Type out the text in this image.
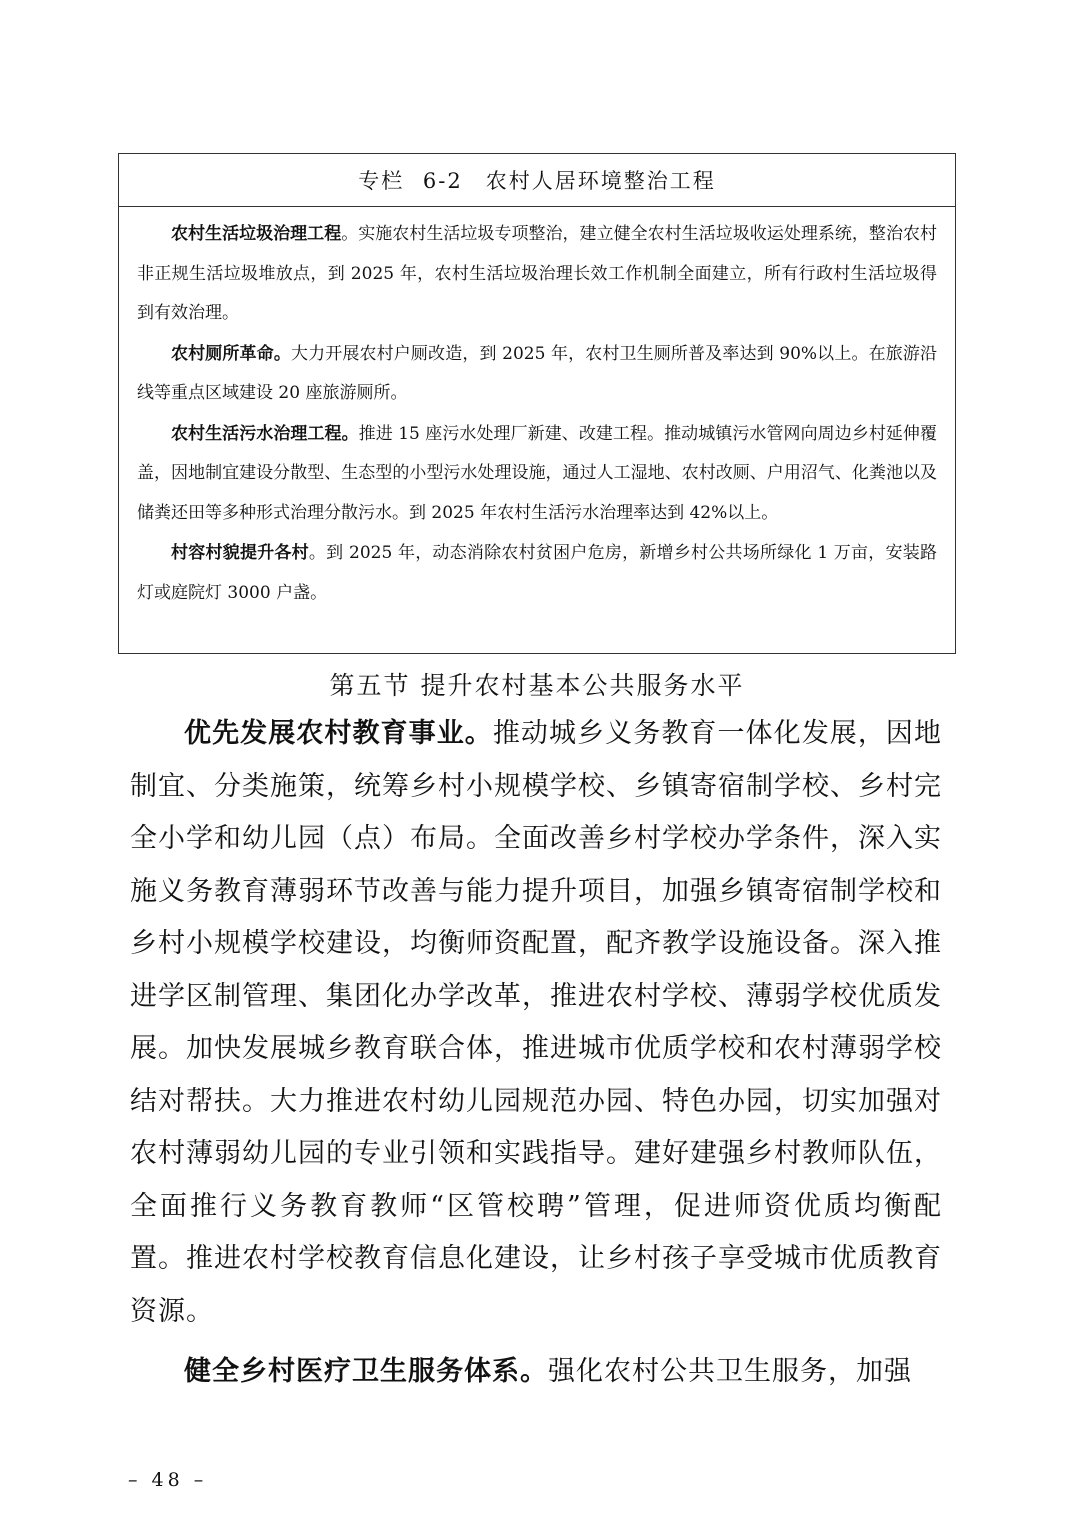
专栏 6-2　农村人居环境整治工程

农村生活垃圾治理工程。实施农村生活垃圾专项整治，建立健全农村生活垃圾收运处理系统，整治农村非正规生活垃圾堆放点，到 2025 年，农村生活垃圾治理长效工作机制全面建立，所有行政村生活垃圾得到有效治理。

农村厕所革命。大力开展农村户厕改造，到 2025 年，农村卫生厕所普及率达到 90%以上。在旅游沿线等重点区域建设 20 座旅游厕所。

农村生活污水治理工程。推进 15 座污水处理厂新建、改建工程。推动城镇污水管网向周边乡村延伸覆盖，因地制宜建设分散型、生态型的小型污水处理设施，通过人工湿地、农村改厕、户用沼气、化粪池以及储粪还田等多种形式治理分散污水。到 2025 年农村生活污水治理率达到 42%以上。

村容村貌提升各村。到 2025 年，动态消除农村贫困户危房，新增乡村公共场所绿化 1 万亩，安装路灯或庭院灯 3000 户盏。

第五节 提升农村基本公共服务水平

优先发展农村教育事业。推动城乡义务教育一体化发展，因地制宜、分类施策，统筹乡村小规模学校、乡镇寄宿制学校、乡村完全小学和幼儿园（点）布局。全面改善乡村学校办学条件，深入实施义务教育薄弱环节改善与能力提升项目，加强乡镇寄宿制学校和乡村小规模学校建设，均衡师资配置，配齐教学设施设备。深入推进学区制管理、集团化办学改革，推进农村学校、薄弱学校优质发展。加快发展城乡教育联合体，推进城市优质学校和农村薄弱学校结对帮扶。大力推进农村幼儿园规范办园、特色办园，切实加强对农村薄弱幼儿园的专业引领和实践指导。建好建强乡村教师队伍，全面推行义务教育教师“区管校聘”管理，促进师资优质均衡配置。推进农村学校教育信息化建设，让乡村孩子享受城市优质教育资源。

健全乡村医疗卫生服务体系。强化农村公共卫生服务，加强

– 48 –
